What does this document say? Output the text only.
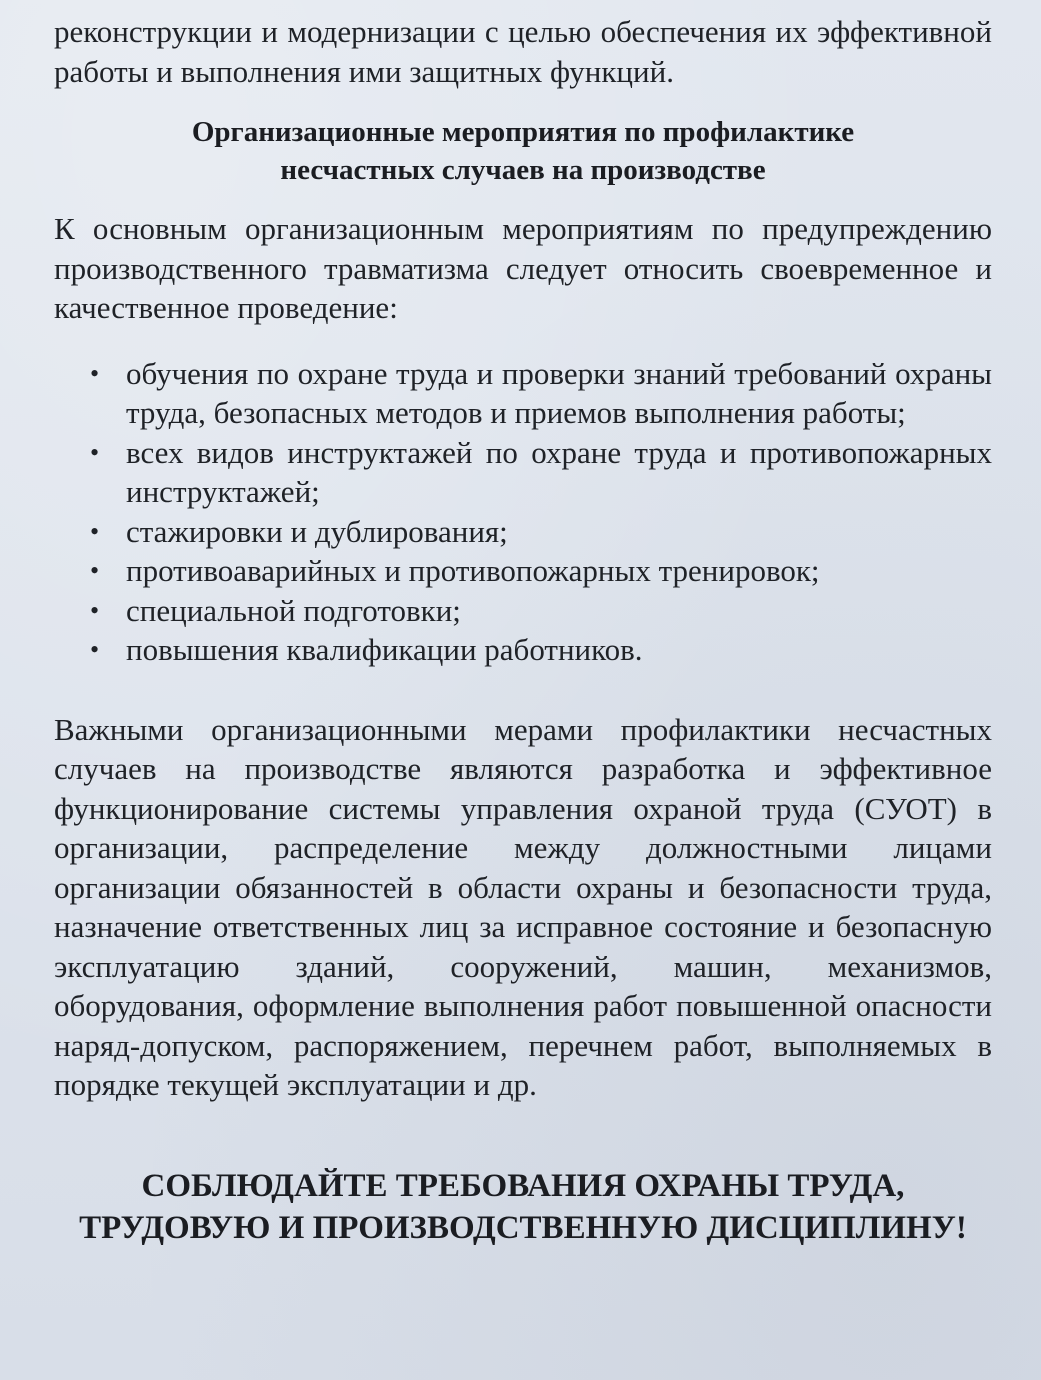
реконструкции и модернизации с целью обеспечения их эффективной работы и выполнения ими защитных функций.

Организационные мероприятия по профилактике
несчастных случаев на производстве

К основным организационным мероприятиям по предупреждению производственного травматизма следует относить своевременное и качественное проведение:

• обучения по охране труда и проверки знаний требований охраны труда, безопасных методов и приемов выполнения работы;
• всех видов инструктажей по охране труда и противопожарных инструктажей;
• стажировки и дублирования;
• противоаварийных и противопожарных тренировок;
• специальной подготовки;
• повышения квалификации работников.

Важными организационными мерами профилактики несчастных случаев на производстве являются разработка и эффективное функционирование системы управления охраной труда (СУОТ) в организации, распределение между должностными лицами организации обязанностей в области охраны и безопасности труда, назначение ответственных лиц за исправное состояние и безопасную эксплуатацию зданий, сооружений, машин, механизмов, оборудования, оформление выполнения работ повышенной опасности наряд-допуском, распоряжением, перечнем работ, выполняемых в порядке текущей эксплуатации и др.

СОБЛЮДАЙТЕ ТРЕБОВАНИЯ ОХРАНЫ ТРУДА,
ТРУДОВУЮ И ПРОИЗВОДСТВЕННУЮ ДИСЦИПЛИНУ!
